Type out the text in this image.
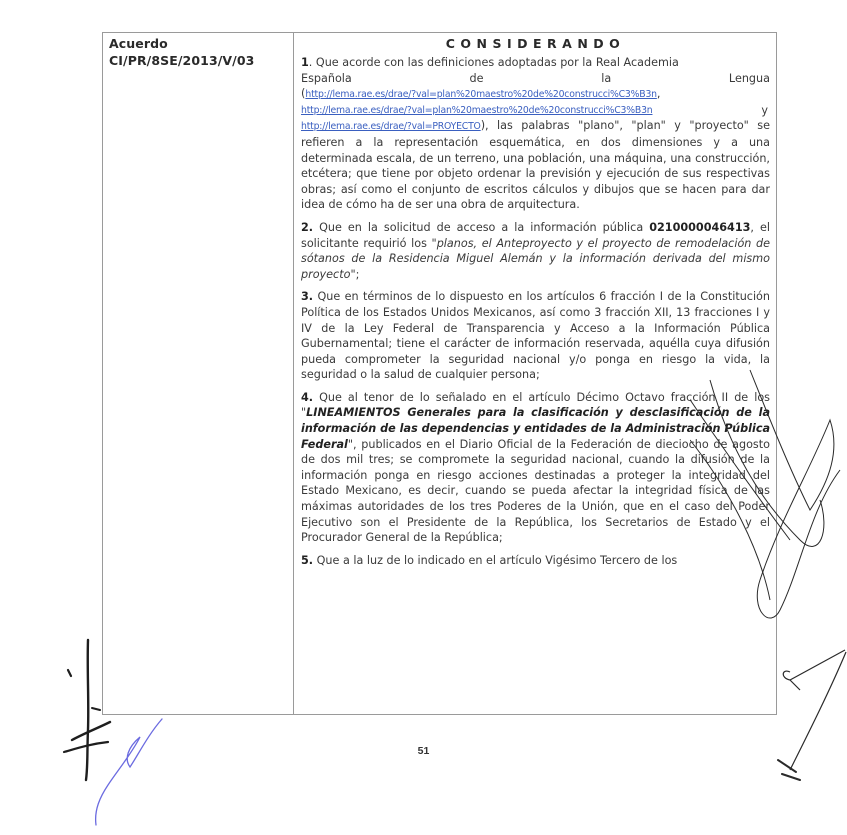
Acuerdo
CI/PR/8SE/2013/V/03
CONSIDERANDO
1. Que acorde con las definiciones adoptadas por la Real Academia
Española	de	la	Lengua
(http://lema.rae.es/drae/?val=plan%20maestro%20de%20construcci%C3%B3n,
http://lema.rae.es/drae/?val=plan%20maestro%20de%20construcci%C3%B3n	y
http://lema.rae.es/drae/?val=PROYECTO), las palabras "plano", "plan" y "proyecto" se refieren a la representación esquemática, en dos dimensiones y a una determinada escala, de un terreno, una población, una máquina, una construcción, etcétera; que tiene por objeto ordenar la previsión y ejecución de sus respectivas obras; así como el conjunto de escritos cálculos y dibujos que se hacen para dar idea de cómo ha de ser una obra de arquitectura.
2. Que en la solicitud de acceso a la información pública 0210000046413, el solicitante requirió los "planos, el Anteproyecto y el proyecto de remodelación de sótanos de la Residencia Miguel Alemán y la información derivada del mismo proyecto";
3. Que en términos de lo dispuesto en los artículos 6 fracción I de la Constitución Política de los Estados Unidos Mexicanos, así como 3 fracción XII, 13 fracciones I y IV de la Ley Federal de Transparencia y Acceso a la Información Pública Gubernamental; tiene el carácter de información reservada, aquélla cuya difusión pueda comprometer la seguridad nacional y/o ponga en riesgo la vida, la seguridad o la salud de cualquier persona;
4. Que al tenor de lo señalado en el artículo Décimo Octavo fracción II de los "LINEAMIENTOS Generales para la clasificación y desclasificación de la información de las dependencias y entidades de la Administración Pública Federal", publicados en el Diario Oficial de la Federación de dieciocho de agosto de dos mil tres; se compromete la seguridad nacional, cuando la difusión de la información ponga en riesgo acciones destinadas a proteger la integridad del Estado Mexicano, es decir, cuando se pueda afectar la integridad física de las máximas autoridades de los tres Poderes de la Unión, que en el caso del Poder Ejecutivo son el Presidente de la República, los Secretarios de Estado y el Procurador General de la República;
5. Que a la luz de lo indicado en el artículo Vigésimo Tercero de los
51
